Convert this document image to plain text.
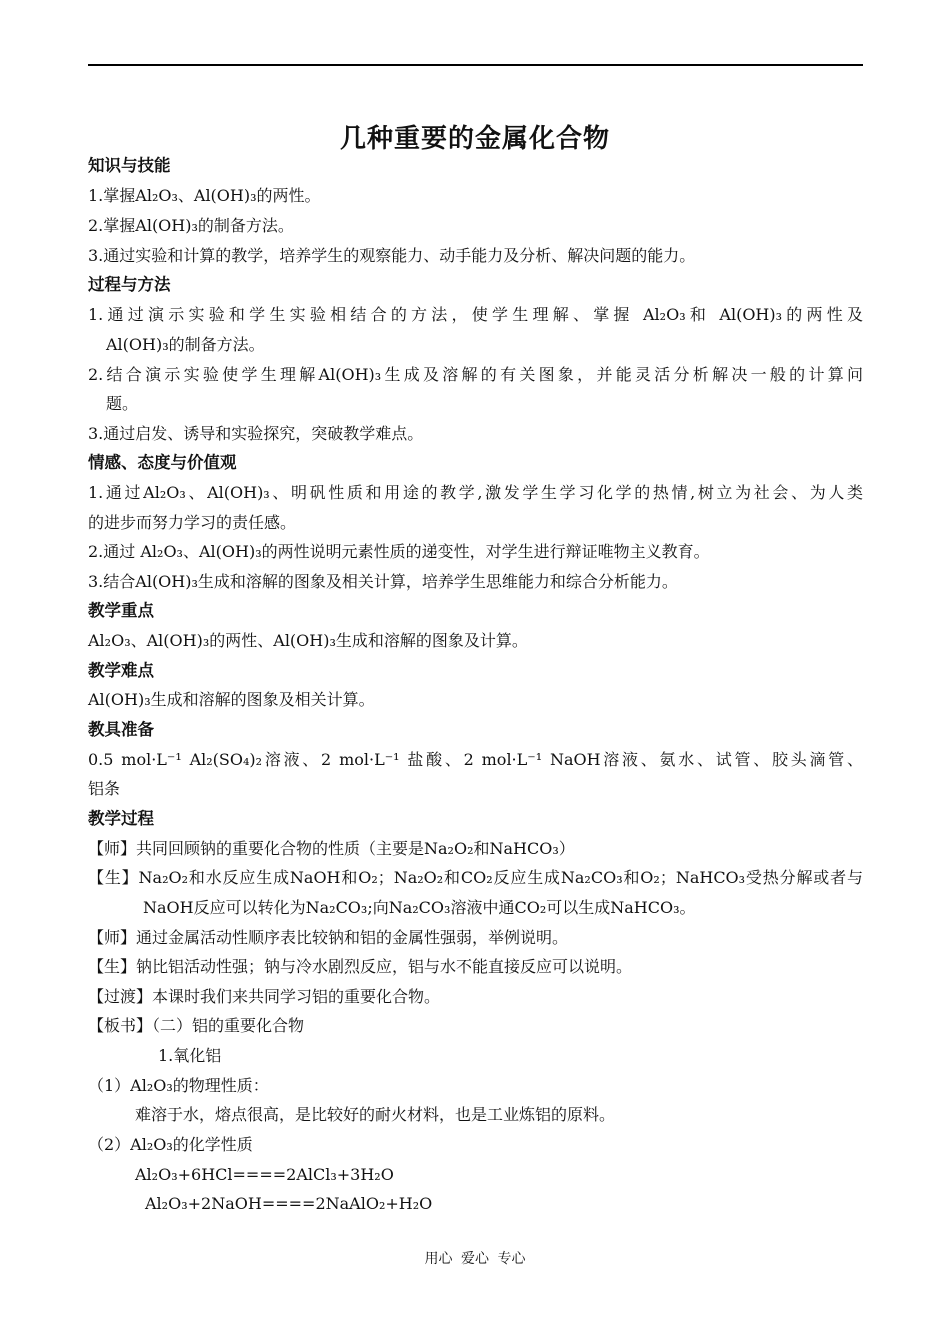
几种重要的金属化合物
知识与技能
1.掌握Al₂O₃、Al(OH)₃的两性。
2.掌握Al(OH)₃的制备方法。
3.通过实验和计算的教学，培养学生的观察能力、动手能力及分析、解决问题的能力。
过程与方法
1.通过演示实验和学生实验相结合的方法，使学生理解、掌握 Al₂O₃和 Al(OH)₃的两性及
Al(OH)₃的制备方法。
2.结合演示实验使学生理解Al(OH)₃生成及溶解的有关图象，并能灵活分析解决一般的计算问
题。
3.通过启发、诱导和实验探究，突破教学难点。
情感、态度与价值观
1.通过Al₂O₃、Al(OH)₃、明矾性质和用途的教学,激发学生学习化学的热情,树立为社会、为人类
的进步而努力学习的责任感。
2.通过 Al₂O₃、Al(OH)₃的两性说明元素性质的递变性，对学生进行辩证唯物主义教育。
3.结合Al(OH)₃生成和溶解的图象及相关计算，培养学生思维能力和综合分析能力。
教学重点
Al₂O₃、Al(OH)₃的两性、Al(OH)₃生成和溶解的图象及计算。
教学难点
Al(OH)₃生成和溶解的图象及相关计算。
教具准备
0.5 mol·L⁻¹ Al₂(SO₄)₂溶液、2 mol·L⁻¹ 盐酸、2 mol·L⁻¹ NaOH溶液、氨水、试管、胶头滴管、
铝条
教学过程
【师】共同回顾钠的重要化合物的性质（主要是Na₂O₂和NaHCO₃）
【生】Na₂O₂和水反应生成NaOH和O₂；Na₂O₂和CO₂反应生成Na₂CO₃和O₂；NaHCO₃受热分解或者与
NaOH反应可以转化为Na₂CO₃;向Na₂CO₃溶液中通CO₂可以生成NaHCO₃。
【师】通过金属活动性顺序表比较钠和铝的金属性强弱，举例说明。
【生】钠比铝活动性强；钠与冷水剧烈反应，铝与水不能直接反应可以说明。
【过渡】本课时我们来共同学习铝的重要化合物。
【板书】（二）铝的重要化合物
1.氧化铝
（1）Al₂O₃的物理性质：
难溶于水，熔点很高，是比较好的耐火材料，也是工业炼铝的原料。
（2）Al₂O₃的化学性质
Al₂O₃+6HCl====2AlCl₃+3H₂O
Al₂O₃+2NaOH====2NaAlO₂+H₂O
用心 爱心 专心
